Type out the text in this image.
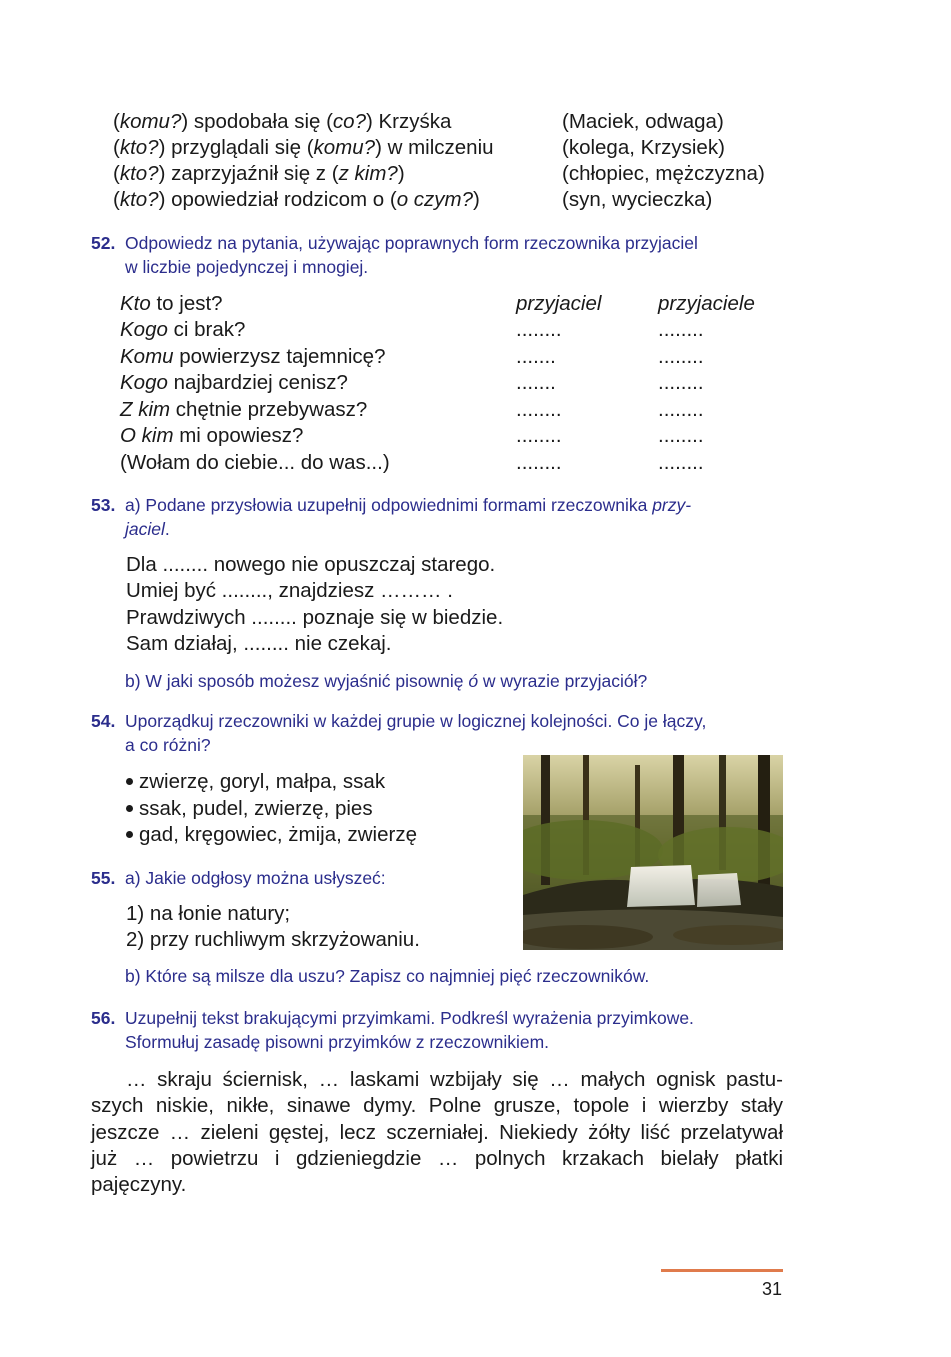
(komu?) spodobała się (co?) Krzyśka	(Maciek, odwaga)
(kto?) przyglądali się (komu?) w milczeniu	(kolega, Krzysiek)
(kto?) zaprzyjaźnił się z (z kim?)	(chłopiec, mężczyzna)
(kto?) opowiedział rodzicom o (o czym?)	(syn, wycieczka)
52. Odpowiedz na pytania, używając poprawnych form rzeczownika przyjaciel
w liczbie pojedynczej i mnogiej.
Kto to jest?	przyjaciel	przyjaciele
Kogo ci brak?	........	........
Komu powierzysz tajemnicę?	.......	........
Kogo najbardziej cenisz?	.......	........
Z kim chętnie przebywasz?	........	........
O kim mi opowiesz?	........	........
(Wołam do ciebie... do was...)	........	........
53. a) Podane przysłowia uzupełnij odpowiednimi formami rzeczownika przy-
jaciel.
Dla ........ nowego nie opuszczaj starego.
Umiej być ........, znajdziesz ……… .
Prawdziwych ........ poznaje się w biedzie.
Sam działaj, ........ nie czekaj.
b) W jaki sposób możesz wyjaśnić pisownię ó w wyrazie przyjaciół?
54. Uporządkuj rzeczowniki w każdej grupie w logicznej kolejności. Co je łączy,
a co różni?
zwierzę, goryl, małpa, ssak
ssak, pudel, zwierzę, pies
gad, kręgowiec, żmija, zwierzę
55. a) Jakie odgłosy można usłyszeć:
1) na łonie natury;
2) przy ruchliwym skrzyżowaniu.
b) Które są milsze dla uszu? Zapisz co najmniej pięć rzeczowników.
56. Uzupełnij tekst brakującymi przyimkami. Podkreśl wyrażenia przyimkowe.
Sformułuj zasadę pisowni przyimków z rzeczownikiem.
… skraju ściernisk, … laskami wzbijały się … małych ognisk pastu-
szych niskie, nikłe, sinawe dymy. Polne grusze, topole i wierzby stały
jeszcze … zieleni gęstej, lecz sczerniałej. Niekiedy żółty liść przelatywał
już … powietrzu i gdzieniegdzie … polnych krzakach bielały płatki
pajęczyny.
31
